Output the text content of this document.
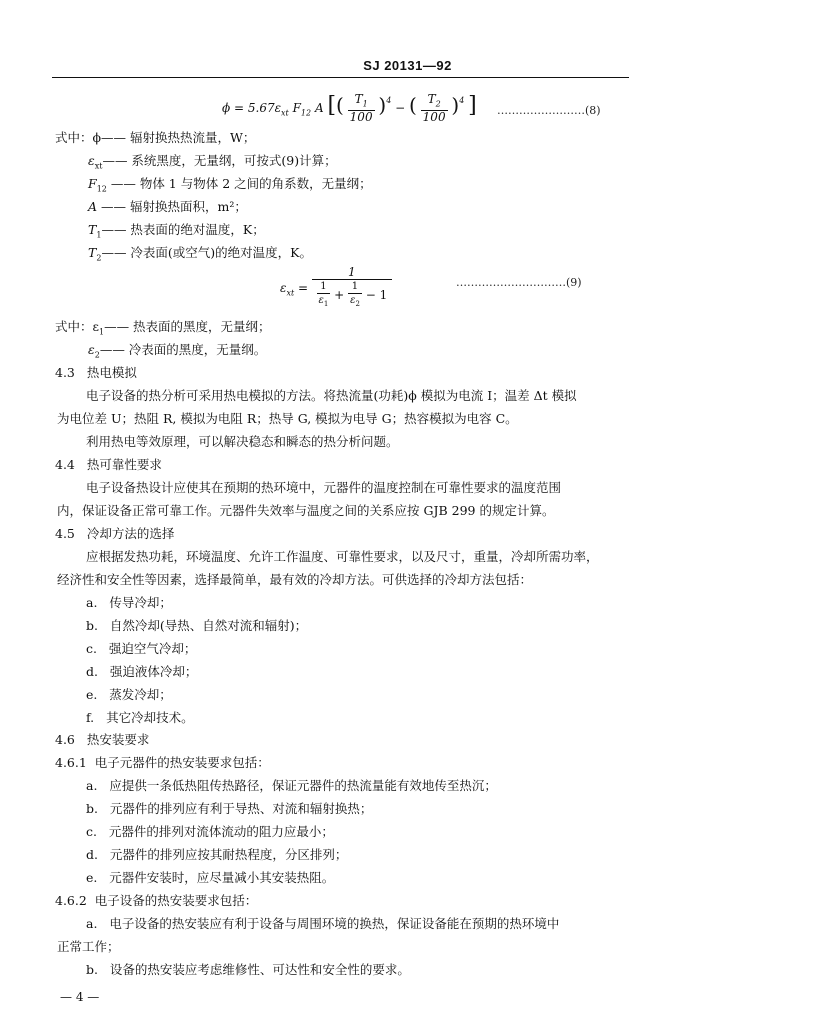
SJ 20131—92
$\phi = 5.67\varepsilon_{xt}$ $F_{12}$ A [( $\frac{T_1}{100} )^4$ − ( $\frac{T_2}{100} )^4$ ] ……………………(8)
式中：ϕ—— 辐射换热热流量，W；
$\varepsilon_{xt}——$ 系统黑度，无量纲，可按式(9)计算；
$F_{12}$ —— 物体 1 与物体 2 之间的角系数，无量纲；
A —— 辐射换热面积，m²；
$T_1——$ 热表面的绝对温度，K；
$T_2——$ 冷表面(或空气)的绝对温度，K。
$\varepsilon_{xt} = \frac{1}{\frac{1}{\varepsilon_1} + \frac{1}{\varepsilon_2} - 1}$	…………………………(9)
式中：$\varepsilon_1——$ 热表面的黑度，无量纲；
$\varepsilon_2——$ 冷表面的黑度，无量纲。
4.3 热电模拟
电子设备的热分析可采用热电模拟的方法。将热流量(功耗)ϕ 模拟为电流 I；温差 Δt 模拟
为电位差 U；热阻 R, 模拟为电阻 R；热导 G, 模拟为电导 G；热容模拟为电容 C。
利用热电等效原理，可以解决稳态和瞬态的热分析问题。
4.4 热可靠性要求
电子设备热设计应使其在预期的热环境中，元器件的温度控制在可靠性要求的温度范围
内，保证设备正常可靠工作。元器件失效率与温度之间的关系应按 GJB 299 的规定计算。
4.5 冷却方法的选择
应根据发热功耗，环境温度、允许工作温度、可靠性要求，以及尺寸，重量，冷却所需功率，
经济性和安全性等因素，选择最简单，最有效的冷却方法。可供选择的冷却方法包括：
a. 传导冷却；
b. 自然冷却(导热、自然对流和辐射)；
c. 强迫空气冷却；
d. 强迫液体冷却；
e. 蒸发冷却；
f. 其它冷却技术。
4.6 热安装要求
4.6.1 电子元器件的热安装要求包括：
a. 应提供一条低热阻传热路径，保证元器件的热流量能有效地传至热沉；
b. 元器件的排列应有利于导热、对流和辐射换热；
c. 元器件的排列对流体流动的阻力应最小；
d. 元器件的排列应按其耐热程度，分区排列；
e. 元器件安装时，应尽量减小其安装热阻。
4.6.2 电子设备的热安装要求包括：
a. 电子设备的热安装应有利于设备与周围环境的换热，保证设备能在预期的热环境中
正常工作；
b. 设备的热安装应考虑维修性、可达性和安全性的要求。
— 4 —
